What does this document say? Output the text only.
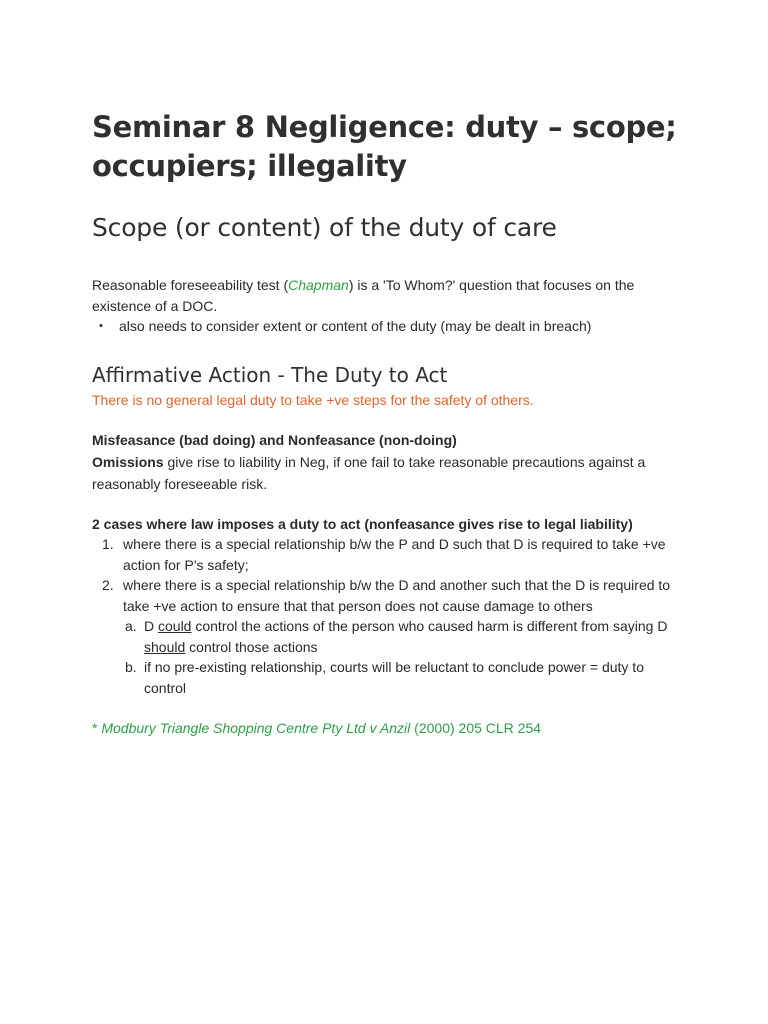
Seminar 8 Negligence: duty – scope; occupiers; illegality
Scope (or content) of the duty of care

Reasonable foreseeability test (Chapman) is a 'To Whom?' question that focuses on the existence of a DOC.

• also needs to consider extent or content of the duty (may be dealt in breach)
Affirmative Action - The Duty to Act

There is no general legal duty to take +ve steps for the safety of others.

Misfeasance (bad doing) and Nonfeasance (non-doing)

Omissions give rise to liability in Neg, if one fail to take reasonable precautions against a reasonably foreseeable risk.

2 cases where law imposes a duty to act (nonfeasance gives rise to legal liability)

1. where there is a special relationship b/w the P and D such that D is required to take +ve action for P's safety;
2. where there is a special relationship b/w the D and another such that the D is required to take +ve action to ensure that that person does not cause damage to others
a. D could control the actions of the person who caused harm is different from saying D should control those actions
b. if no pre-existing relationship, courts will be reluctant to conclude power = duty to control

* Modbury Triangle Shopping Centre Pty Ltd v Anzil (2000) 205 CLR 254
